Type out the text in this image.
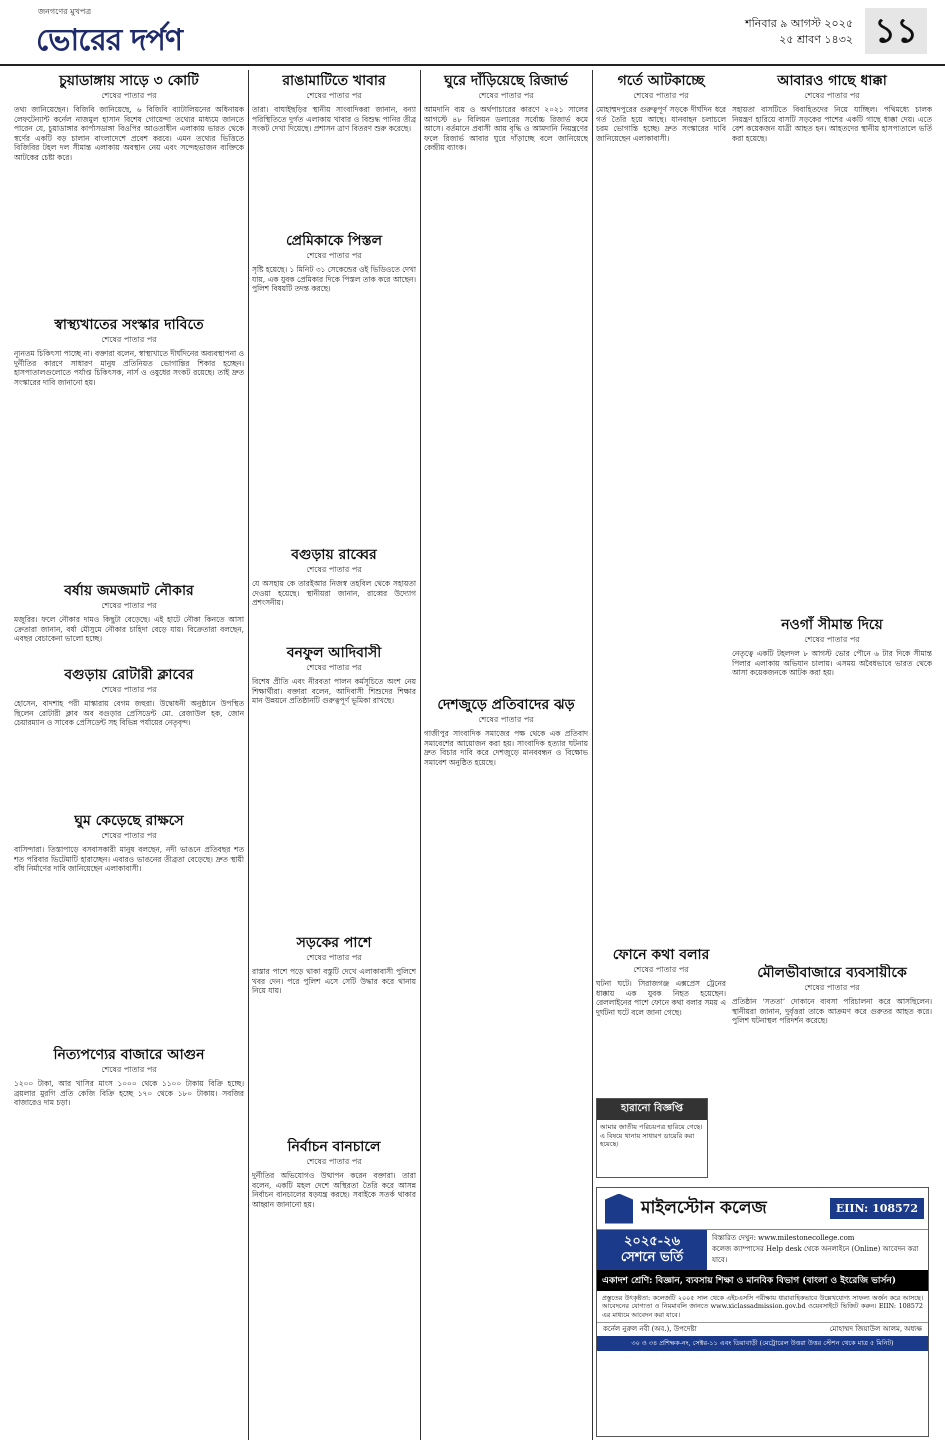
জনগণের মুখপত্র
ভোরের দর্পণ	শনিবার ৯ আগস্ট ২০২৫
২৫ শ্রাবণ ১৪৩২ ১১
চুয়াডাঙ্গায় সাড়ে ৩ কোটি
শেষের পাতার পর

তথ্য জানিয়েছেন। বিজিবি জানিয়েছে, ৬ বিজিবি ব্যাটালিয়নের অধিনায়ক লেফটেন্যান্ট কর্নেল নাজমুল হাসান বিশেষ গোয়েন্দা তথ্যের মাধ্যমে জানতে পারেন যে, চুয়াডাঙ্গার কার্পাসডাঙ্গা বিওপির আওতাধীন এলাকায় ভারত থেকে স্বর্ণের একটি বড় চালান বাংলাদেশে প্রবেশ করবে। এমন তথ্যের ভিত্তিতে বিজিবির টহল দল সীমান্ত এলাকায় অবস্থান নেয় এবং সন্দেহভাজন ব্যক্তিকে আটকের চেষ্টা করে।

স্বাস্থ্যখাতের সংস্কার দাবিতে
শেষের পাতার পর

ন্যূনতম চিকিৎসা পাচ্ছে না। বক্তারা বলেন, স্বাস্থ্যখাতে দীর্ঘদিনের অব্যবস্থাপনা ও দুর্নীতির কারণে সাধারণ মানুষ প্রতিনিয়ত ভোগান্তির শিকার হচ্ছেন। হাসপাতালগুলোতে পর্যাপ্ত চিকিৎসক, নার্স ও ওষুধের সংকট রয়েছে। তাই দ্রুত সংস্কারের দাবি জানানো হয়।

বর্ষায় জমজমাট নৌকার
শেষের পাতার পর

মজুরির। ফলে নৌকার দামও কিছুটা বেড়েছে। এই হাটে নৌকা কিনতে আসা ক্রেতারা জানান, বর্ষা মৌসুমে নৌকার চাহিদা বেড়ে যায়। বিক্রেতারা বলছেন, এবছর বেচাকেনা ভালো হচ্ছে।

বগুড়ায় রোটারী ক্লাবের
শেষের পাতার পর

হোসেন, বাদশাহ পরী মাস্কারায় বেগম জহুরা। উদ্বোধনী অনুষ্ঠানে উপস্থিত ছিলেন রোটারী ক্লাব অব বগুড়ার প্রেসিডেন্ট মো. রেজাউল হক, জোন চেয়ারম্যান ও সাবেক প্রেসিডেন্ট সহ বিভিন্ন পর্যায়ের নেতৃবৃন্দ।

ঘুম কেড়েছে রাক্ষসে
শেষের পাতার পর

বাসিন্দারা। তিস্তাপাড়ে বসবাসকারী মানুষ বলছেন, নদী ভাঙনে প্রতিবছর শত শত পরিবার ভিটেমাটি হারাচ্ছেন। এবারও ভাঙনের তীব্রতা বেড়েছে। দ্রুত স্থায়ী বাঁধ নির্মাণের দাবি জানিয়েছেন এলাকাবাসী।

নিত্যপণ্যের বাজারে আগুন
শেষের পাতার পর

১২০০ টাকা, আর খাসির মাংস ১০০০ থেকে ১১০০ টাকায় বিক্রি হচ্ছে। ব্রয়লার মুরগি প্রতি কেজি বিক্রি হচ্ছে ১৭০ থেকে ১৮০ টাকায়। সবজির বাজারেও দাম চড়া।

রাঙামাটিতে খাবার
শেষের পাতার পর

তারা। বাঘাইছড়ির স্থানীয় সাংবাদিকরা জানান, বন্যা পরিস্থিতিতে দুর্গত এলাকায় খাবার ও বিশুদ্ধ পানির তীব্র সংকট দেখা দিয়েছে। প্রশাসন ত্রাণ বিতরণ শুরু করেছে।

প্রেমিকাকে পিস্তল
শেষের পাতার পর

সৃষ্টি হয়েছে। ১ মিনিট ৩১ সেকেন্ডের ওই ভিডিওতে দেখা যায়, এক যুবক প্রেমিকার দিকে পিস্তল তাক করে আছেন। পুলিশ বিষয়টি তদন্ত করছে।

বগুড়ায় রাব্বের
শেষের পাতার পর

যে অসহায় কে তারইআর নিজস্ব তহবিল থেকে সহায়তা দেওয়া হয়েছে। স্থানীয়রা জানান, রাব্বের উদ্যোগ প্রশংসনীয়।

বনফুল আদিবাসী
শেষের পাতার পর

বিশেষ প্রীতি এবং নীরবতা পালন কর্মসূচিতে অংশ নেয় শিক্ষার্থীরা। বক্তারা বলেন, আদিবাসী শিশুদের শিক্ষার মান উন্নয়নে প্রতিষ্ঠানটি গুরুত্বপূর্ণ ভূমিকা রাখছে।

সড়কের পাশে
শেষের পাতার পর

রাস্তার পাশে পড়ে থাকা বস্তুটি দেখে এলাকাবাসী পুলিশে খবর দেন। পরে পুলিশ এসে সেটি উদ্ধার করে থানায় নিয়ে যায়।

নির্বাচন বানচালে
শেষের পাতার পর

দুর্নীতির অভিযোগও উত্থাপন করেন বক্তারা। তারা বলেন, একটি মহল দেশে অস্থিরতা তৈরি করে আসন্ন নির্বাচন বানচালের ষড়যন্ত্র করছে। সবাইকে সতর্ক থাকার আহ্বান জানানো হয়।

ঘুরে দাঁড়িয়েছে রিজার্ভ
শেষের পাতার পর

আমদানি ব্যয় ও অর্থপাচারের কারণে ২০২১ সালের আগস্টে ৪৮ বিলিয়ন ডলারের সর্বোচ্চ রিজার্ভ কমে আসে। বর্তমানে প্রবাসী আয় বৃদ্ধি ও আমদানি নিয়ন্ত্রণের ফলে রিজার্ভ আবার ঘুরে দাঁড়াচ্ছে বলে জানিয়েছে কেন্দ্রীয় ব্যাংক।

দেশজুড়ে প্রতিবাদের ঝড়
শেষের পাতার পর

গাজীপুর সাংবাদিক সমাজের পক্ষ থেকে এক প্রতিবাদ সমাবেশের আয়োজন করা হয়। সাংবাদিক হত্যার ঘটনায় দ্রুত বিচার দাবি করে দেশজুড়ে মানববন্ধন ও বিক্ষোভ সমাবেশ অনুষ্ঠিত হয়েছে।

গর্তে আটকাচ্ছে
শেষের পাতার পর

মোহাম্মদপুরের গুরুত্বপূর্ণ সড়কে দীর্ঘদিন ধরে গর্ত তৈরি হয়ে আছে। যানবাহন চলাচলে চরম ভোগান্তি হচ্ছে। দ্রুত সংস্কারের দাবি জানিয়েছেন এলাকাবাসী।

ফোনে কথা বলার
শেষের পাতার পর

ঘটনা ঘটে। সিরাজগঞ্জ এক্সপ্রেস ট্রেনের ধাক্কায় এক যুবক নিহত হয়েছেন। রেললাইনের পাশে ফোনে কথা বলার সময় এ দুর্ঘটনা ঘটে বলে জানা গেছে।

হারানো বিজ্ঞপ্তি

আমার জাতীয় পরিচয়পত্র হারিয়ে গেছে। এ বিষয়ে থানায় সাধারণ ডায়েরি করা হয়েছে।

আবারও গাছে ধাক্কা
শেষের পাতার পর

সহায়তা বাসটিতে বিবাহিতদের নিয়ে যাচ্ছিল। পথিমধ্যে চালক নিয়ন্ত্রণ হারিয়ে বাসটি সড়কের পাশের একটি গাছে ধাক্কা দেয়। এতে বেশ কয়েকজন যাত্রী আহত হন। আহতদের স্থানীয় হাসপাতালে ভর্তি করা হয়েছে।

নওগাঁ সীমান্ত দিয়ে
শেষের পাতার পর

নেতৃত্বে একটি টহলদল ৮ আগস্ট ভোর পৌনে ৬ টার দিকে সীমান্ত পিলার এলাকায় অভিযান চালায়। এসময় অবৈধভাবে ভারত থেকে আসা কয়েকজনকে আটক করা হয়।

মৌলভীবাজারে ব্যবসায়ীকে
শেষের পাতার পর

প্রতিষ্ঠান ‘সততা’ দোকানে ব্যবসা পরিচালনা করে আসছিলেন। স্থানীয়রা জানান, দুর্বৃত্তরা তাকে আক্রমণ করে গুরুতর আহত করে। পুলিশ ঘটনাস্থল পরিদর্শন করেছে।

মাইলস্টোন কলেজ	EIIN: 108572
২০২৫-২৬
সেশনে ভর্তি
বিস্তারিত দেখুন: www.milestonecollege.com
কলেজ ক্যাম্পাসের Help desk থেকে অনলাইনে (Online) আবেদন করা যাবে।
একাদশ শ্রেণি: বিজ্ঞান, ব্যবসায় শিক্ষা ও মানবিক বিভাগ (বাংলা ও ইংরেজি ভার্সন)
প্রস্তুতের উৎকৃষ্টতা: কলেজটি ২০০৫ সাল থেকে এইচএসসি পরীক্ষায় ধারাবাহিকভাবে উল্লেখযোগ্য সাফল্য অর্জন করে আসছে। আবেদনের যোগ্যতা ও নিয়মাবলি জানতে www.xiclassadmission.gov.bd ওয়েবসাইটে ভিজিট করুন। EIIN: 108572 এর মাধ্যমে আবেদন করা যাবে।
কর্নেল নুরুল নবী (অব.), উপদেষ্টা	মোহাম্মদ জিয়াউল আলম, অধ্যক্ষ
৩০ ও ৩৪ প্রশিক্ষক-নং, সেক্টর-১১ এবং ডিয়াবাড়ী (মেট্রোরেল উত্তরা উত্তর স্টেশন থেকে মাত্র ৫ মিনিট)
